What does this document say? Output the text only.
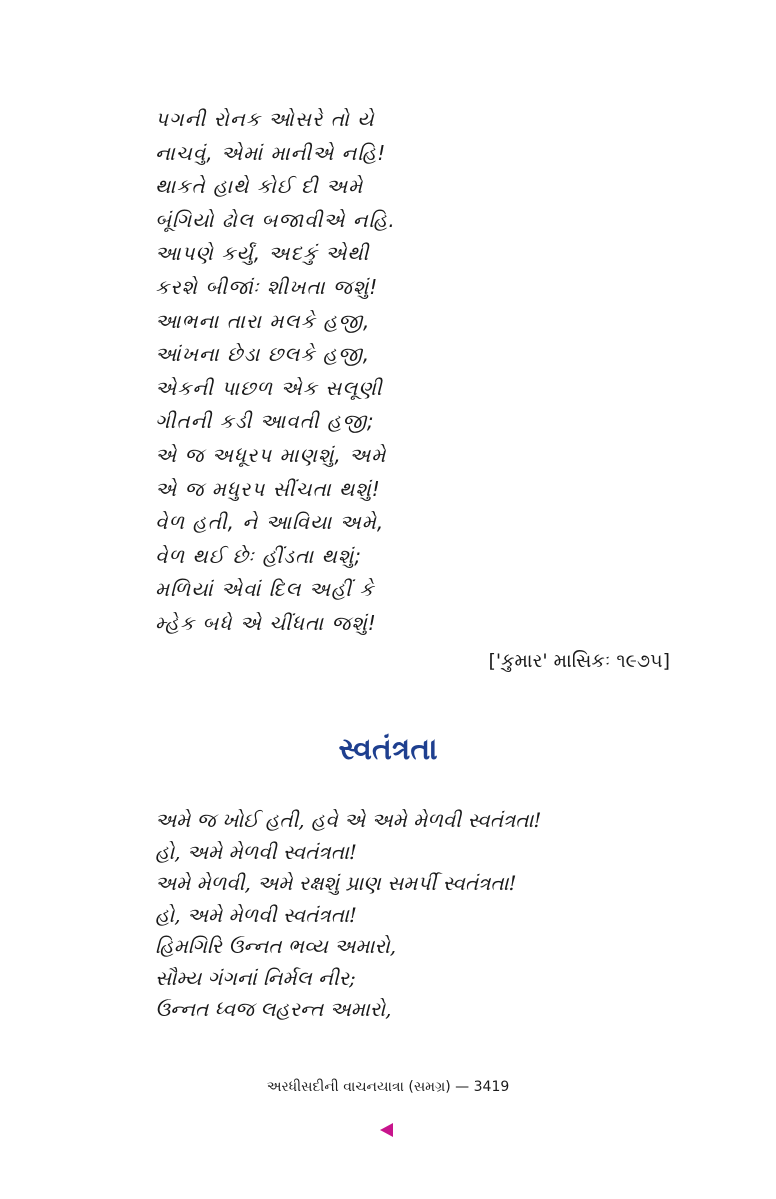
પગની રોનક ઓસરે તો યે
નાચવું, એમાં માનીએ નહિ!
થાકતે હાથે કોઈ દી અમે
બૂંગિયો ઢોલ બજાવીએ નહિ.
આપણે કર્યું, અદકું એથી
કરશે બીજાંઃ શીખતા જશું!
આભના તારા મલકે હજી,
આંખના છેડા છલકે હજી,
એકની પાછળ એક સલૂણી
ગીતની કડી આવતી હજી;
એ જ અધૂરપ માણશું, અમે
એ જ મધુરપ સીંચતા થશું!
વેળ હતી, ને આવિયા અમે,
વેળ થઈ છેઃ હીંડતા થશું;
મળિયાં એવાં દિલ અહીં કે
મ્હેક બધે એ ચીંધતા જશું!
['કુમાર' માસિકઃ ૧૯૭૫]
સ્વતંત્રતા
અમે જ ખોઈ હતી, હવે એ અમે મેળવી સ્વતંત્રતા!
હો, અમે મેળવી સ્વતંત્રતા!
અમે મેળવી, અમે રક્ષશું પ્રાણ સમર્પી સ્વતંત્રતા!
હો, અમે મેળવી સ્વતંત્રતા!
હિમગિરિ ઉન્નત ભવ્ય અમારો,
સૌમ્ય ગંગનાં નિર્મલ નીર;
ઉન્નત ધ્વજ લહરન્ત અમારો,
અરધીસદીની વાચનયાત્રા (સમગ્ર) — 3419
